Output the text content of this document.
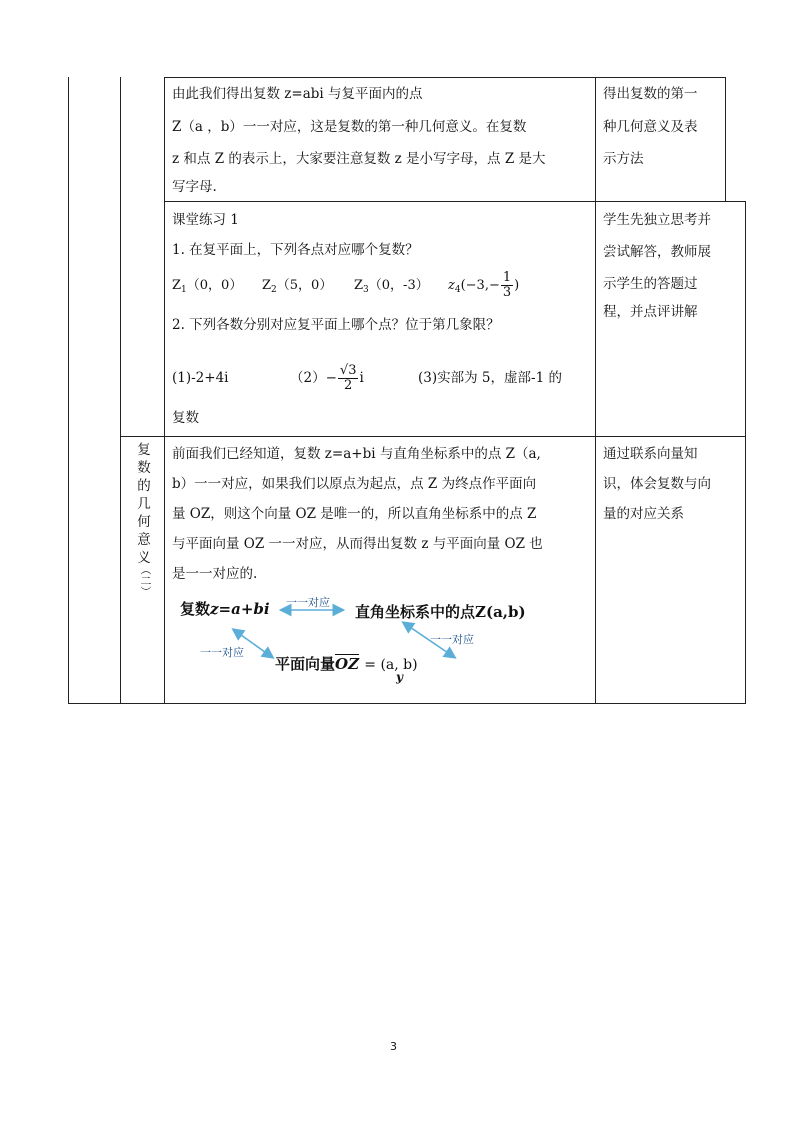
由此我们得出复数 z=abi 与复平面内的点
Z（a ，b）一一对应，这是复数的第一种几何意义。在复数
z 和点 Z 的表示上，大家要注意复数 z 是小写字母，点 Z 是大
写字母.
得出复数的第一
种几何意义及表
示方法
课堂练习 1
1. 在复平面上，下列各点对应哪个复数？
$Z_1(0$，0） $Z_2(5$，0） $Z_3(0$，-3） $z_4(-3,- \frac{1}{3}$ )
2. 下列各数分别对应复平面上哪个点？位于第几象限？
(1)-2+4i	$(2)- \frac{√3}{2}$ i	(3)实部为 5，虚部-1 的
复数
学生先独立思考并
尝试解答，教师展
示学生的答题过
程，并点评讲解
复
数
的
几
何
意
义
（二）
前面我们已经知道，复数 z=a+bi 与直角坐标系中的点 Z（a,
b）一一对应，如果我们以原点为起点，点 Z 为终点作平面向
量 OZ，则这个向量 OZ 是唯一的，所以直角坐标系中的点 Z
与平面向量 OZ 一一对应，从而得出复数 z 与平面向量 OZ 也
是一一对应的.
复数z=a+bi	直角坐标系中的点Z(a,b)
平面向量$\overline{OZ} = (a$, b)
y
一一对应
一一对应
一一对应
通过联系向量知
识，体会复数与向
量的对应关系
3
